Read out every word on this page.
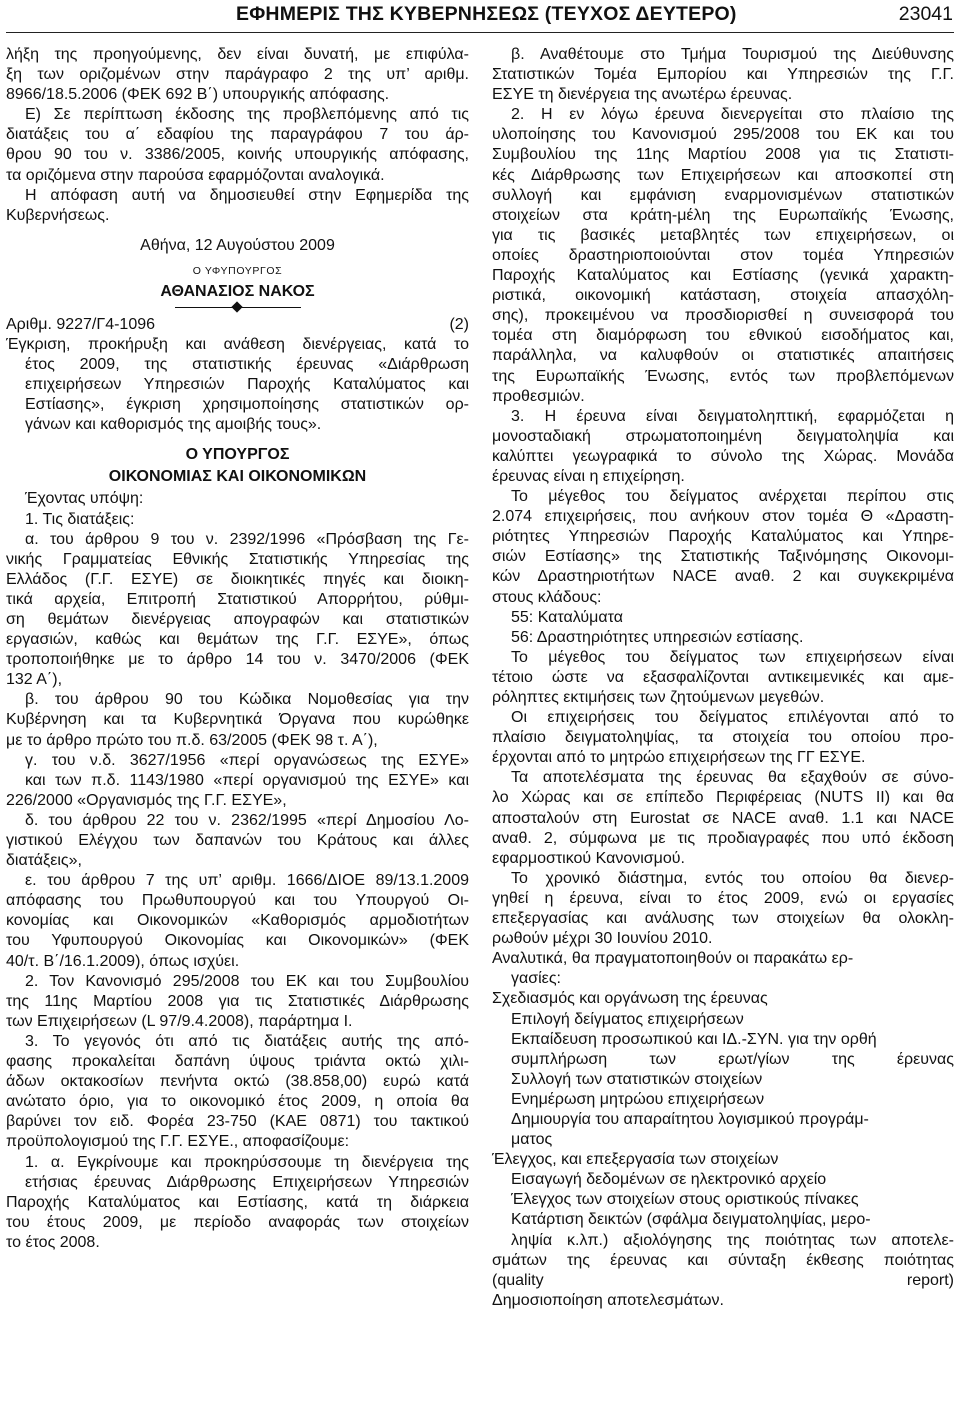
ΕΦΗΜΕΡΙΣ ΤΗΣ ΚΥΒΕΡΝΗΣΕΩΣ (ΤΕΥΧΟΣ ΔΕΥΤΕΡΟ)	23041
λήξη της προηγούμενης, δεν είναι δυνατή, με επιφύλα-
ξη των οριζομένων στην παράγραφο 2 της υπ’ αριθμ.
8966/18.5.2006 (ΦΕΚ 692 Β΄) υπουργικής απόφασης.
Ε) Σε περίπτωση έκδοσης της προβλεπόμενης από τις
διατάξεις του α΄ εδαφίου της παραγράφου 7 του άρ-
θρου 90 του ν. 3386/2005, κοινής υπουργικής απόφασης,
τα οριζόμενα στην παρούσα εφαρμόζονται αναλογικά.
Η απόφαση αυτή να δημοσιευθεί στην Εφημερίδα της
Κυβερνήσεως.
Αθήνα, 12 Αυγούστου 2009
Ο ΥΦΥΠΟΥΡΓΟΣ
ΑΘΑΝΑΣΙΟΣ ΝΑΚΟΣ
Αριθμ. 9227/Γ4-1096	(2)
Έγκριση, προκήρυξη και ανάθεση διενέργειας, κατά το
έτος 2009, της στατιστικής έρευνας «Διάρθρωση
επιχειρήσεων Υπηρεσιών Παροχής Καταλύματος και
Εστίασης», έγκριση χρησιμοποίησης στατιστικών ορ-
γάνων και καθορισμός της αμοιβής τους».
Ο ΥΠΟΥΡΓΟΣ
ΟΙΚΟΝΟΜΙΑΣ ΚΑΙ ΟΙΚΟΝΟΜΙΚΩΝ
Έχοντας υπόψη:
1. Τις διατάξεις:
α. του άρθρου 9 του ν. 2392/1996 «Πρόσβαση της Γε-
νικής Γραμματείας Εθνικής Στατιστικής Υπηρεσίας της
Ελλάδος (Γ.Γ. ΕΣΥΕ) σε διοικητικές πηγές και διοικη-
τικά αρχεία, Επιτροπή Στατιστικού Απορρήτου, ρύθμι-
ση θεμάτων διενέργειας απογραφών και στατιστικών
εργασιών, καθώς και θεμάτων της Γ.Γ. ΕΣΥΕ», όπως
τροποποιήθηκε με το άρθρο 14 του ν. 3470/2006 (ΦΕΚ
132 Α΄),
β. του άρθρου 90 του Κώδικα Νομοθεσίας για την
Κυβέρνηση και τα Κυβερνητικά Όργανα που κυρώθηκε
με το άρθρο πρώτο του π.δ. 63/2005 (ΦΕΚ 98 τ. Α΄),
γ. του ν.δ. 3627/1956 «περί οργανώσεως της ΕΣΥΕ»
και των π.δ. 1143/1980 «περί οργανισμού της ΕΣΥΕ» και
226/2000 «Οργανισμός της Γ.Γ. ΕΣΥΕ»,
δ. του άρθρου 22 του ν. 2362/1995 «περί Δημοσίου Λο-
γιστικού Ελέγχου των δαπανών του Κράτους και άλλες
διατάξεις»,
ε. του άρθρου 7 της υπ’ αριθμ. 1666/ΔΙΟΕ 89/13.1.2009
απόφασης του Πρωθυπουργού και του Υπουργού Οι-
κονομίας και Οικονομικών «Καθορισμός αρμοδιοτήτων
του Υφυπουργού Οικονομίας και Οικονομικών» (ΦΕΚ
40/τ. Β΄/16.1.2009), όπως ισχύει.
2. Τον Κανονισμό 295/2008 του ΕΚ και του Συμβουλίου
της 11ης Μαρτίου 2008 για τις Στατιστικές Διάρθρωσης
των Επιχειρήσεων (L 97/9.4.2008), παράρτημα Ι.
3. Το γεγονός ότι από τις διατάξεις αυτής της από-
φασης προκαλείται δαπάνη ύψους τριάντα οκτώ χιλι-
άδων οκτακοσίων πενήντα οκτώ (38.858,00) ευρώ κατά
ανώτατο όριο, για το οικονομικό έτος 2009, η οποία θα
βαρύνει τον ειδ. Φορέα 23-750 (ΚΑΕ 0871) του τακτικού
προϋπολογισμού της Γ.Γ. ΕΣΥΕ., αποφασίζουμε:
1. α. Εγκρίνουμε και προκηρύσσουμε τη διενέργεια της
ετήσιας έρευνας Διάρθρωσης Επιχειρήσεων Υπηρεσιών
Παροχής Καταλύματος και Εστίασης, κατά τη διάρκεια
του έτους 2009, με περίοδο αναφοράς των στοιχείων
το έτος 2008.
β. Αναθέτουμε στο Τμήμα Τουρισμού της Διεύθυνσης
Στατιστικών Τομέα Εμπορίου και Υπηρεσιών της Γ.Γ.
ΕΣΥΕ τη διενέργεια της ανωτέρω έρευνας.
2. Η εν λόγω έρευνα διενεργείται στο πλαίσιο της
υλοποίησης του Κανονισμού 295/2008 του ΕΚ και του
Συμβουλίου της 11ης Μαρτίου 2008 για τις Στατιστι-
κές Διάρθρωσης των Επιχειρήσεων και αποσκοπεί στη
συλλογή και εμφάνιση εναρμονισμένων στατιστικών
στοιχείων στα κράτη-μέλη της Ευρωπαϊκής Ένωσης,
για τις βασικές μεταβλητές των επιχειρήσεων, οι
οποίες δραστηριοποιούνται στον τομέα Υπηρεσιών
Παροχής Καταλύματος και Εστίασης (γενικά χαρακτη-
ριστικά, οικονομική κατάσταση, στοιχεία απασχόλη-
σης), προκειμένου να προσδιορισθεί η συνεισφορά του
τομέα στη διαμόρφωση του εθνικού εισοδήματος και,
παράλληλα, να καλυφθούν οι στατιστικές απαιτήσεις
της Ευρωπαϊκής Ένωσης, εντός των προβλεπόμενων
προθεσμιών.
3. Η έρευνα είναι δειγματοληπτική, εφαρμόζεται η
μονοσταδιακή στρωματοποιημένη δειγματοληψία και
καλύπτει γεωγραφικά το σύνολο της Χώρας. Μονάδα
έρευνας είναι η επιχείρηση.
Το μέγεθος του δείγματος ανέρχεται περίπου στις
2.074 επιχειρήσεις, που ανήκουν στον τομέα Θ «Δραστη-
ριότητες Υπηρεσιών Παροχής Καταλύματος και Υπηρε-
σιών Εστίασης» της Στατιστικής Ταξινόμησης Οικονομι-
κών Δραστηριοτήτων NACE αναθ. 2 και συγκεκριμένα
στους κλάδους:
55: Καταλύματα
56: Δραστηριότητες υπηρεσιών εστίασης.
Το μέγεθος του δείγματος των επιχειρήσεων είναι
τέτοιο ώστε να εξασφαλίζονται αντικειμενικές και αμε-
ρόληπτες εκτιμήσεις των ζητούμενων μεγεθών.
Οι επιχειρήσεις του δείγματος επιλέγονται από το
πλαίσιο δειγματοληψίας, τα στοιχεία του οποίου προ-
έρχονται από το μητρώο επιχειρήσεων της ΓΓ ΕΣΥΕ.
Τα αποτελέσματα της έρευνας θα εξαχθούν σε σύνο-
λο Χώρας και σε επίπεδο Περιφέρειας (NUTS II) και θα
αποσταλούν στη Eurostat σε NACE αναθ. 1.1 και NACE
αναθ. 2, σύμφωνα με τις προδιαγραφές που υπό έκδοση
εφαρμοστικού Κανονισμού.
Το χρονικό διάστημα, εντός του οποίου θα διενερ-
γηθεί η έρευνα, είναι το έτος 2009, ενώ οι εργασίες
επεξεργασίας και ανάλυσης των στοιχείων θα ολοκλη-
ρωθούν μέχρι 30 Ιουνίου 2010.
Αναλυτικά, θα πραγματοποιηθούν οι παρακάτω ερ-
γασίες:
Σχεδιασμός και οργάνωση της έρευνας
Επιλογή δείγματος επιχειρήσεων
Εκπαίδευση προσωπικού και ΙΔ.-ΣΥΝ. για την ορθή
συμπλήρωση των ερωτ/γίων της έρευνας
Συλλογή των στατιστικών στοιχείων
Ενημέρωση μητρώου επιχειρήσεων
Δημιουργία του απαραίτητου λογισμικού προγράμ-
ματος
Έλεγχος, και επεξεργασία των στοιχείων
Εισαγωγή δεδομένων σε ηλεκτρονικό αρχείο
Έλεγχος των στοιχείων στους οριστικούς πίνακες
Κατάρτιση δεικτών (σφάλμα δειγματοληψίας, μερο-
ληψία κ.λπ.) αξιολόγησης της ποιότητας των αποτελε-
σμάτων της έρευνας και σύνταξη έκθεσης ποιότητας
(quality report)
Δημοσιοποίηση αποτελεσμάτων.
